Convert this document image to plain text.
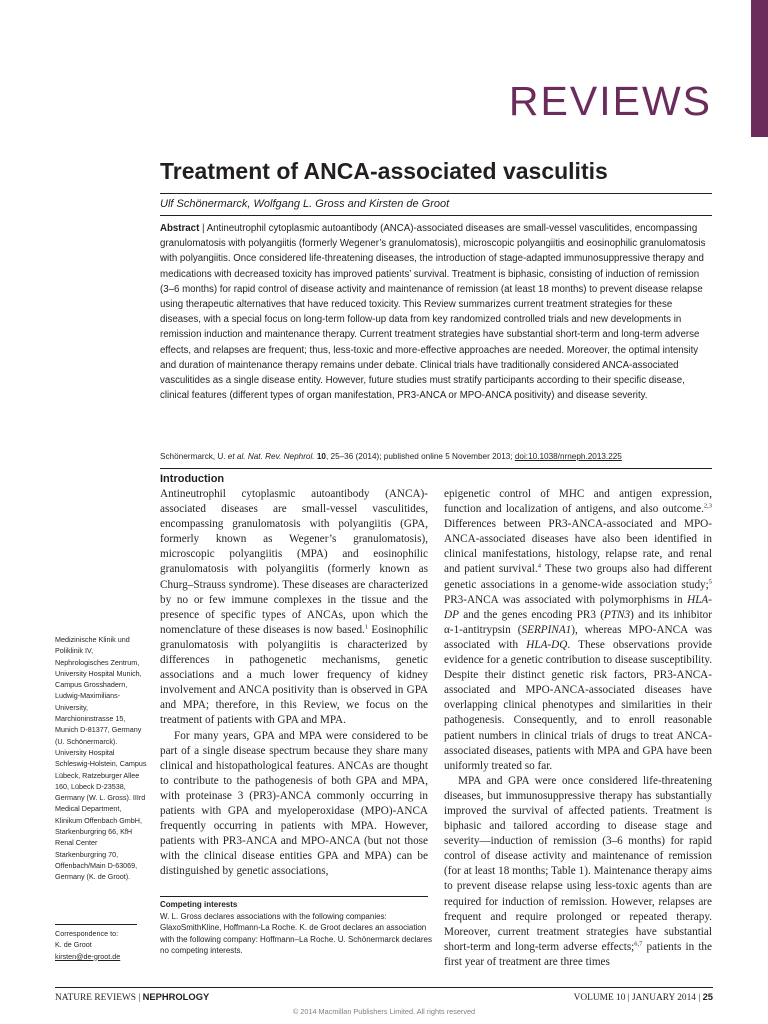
REVIEWS
Treatment of ANCA-associated vasculitis
Ulf Schönermarck, Wolfgang L. Gross and Kirsten de Groot

Abstract | Antineutrophil cytoplasmic autoantibody (ANCA)-associated diseases are small-vessel vasculitides, encompassing granulomatosis with polyangiitis (formerly Wegener’s granulomatosis), microscopic polyangiitis and eosinophilic granulomatosis with polyangiitis. Once considered life-threatening diseases, the introduction of stage-adapted immunosuppressive therapy and medications with decreased toxicity has improved patients’ survival. Treatment is biphasic, consisting of induction of remission (3–6 months) for rapid control of disease activity and maintenance of remission (at least 18 months) to prevent disease relapse using therapeutic alternatives that have reduced toxicity. This Review summarizes current treatment strategies for these diseases, with a special focus on long-term follow-up data from key randomized controlled trials and new developments in remission induction and maintenance therapy. Current treatment strategies have substantial short-term and long-term adverse effects, and relapses are frequent; thus, less-toxic and more-effective approaches are needed. Moreover, the optimal intensity and duration of maintenance therapy remains under debate. Clinical trials have traditionally considered ANCA-associated vasculitides as a single disease entity. However, future studies must stratify participants according to their specific disease, clinical features (different types of organ manifestation, PR3-ANCA or MPO-ANCA positivity) and disease severity.

Schönermarck, U. et al. Nat. Rev. Nephrol. 10, 25–36 (2014); published online 5 November 2013; doi:10.1038/nrneph.2013.225
Introduction

Antineutrophil cytoplasmic autoantibody (ANCA)-associated diseases are small-vessel vasculitides, encompassing granulomatosis with polyangiitis (GPA, formerly known as Wegener’s granulomatosis), microscopic polyangiitis (MPA) and eosinophilic granulomatosis with polyangiitis (formerly known as Churg–Strauss syndrome). These diseases are characterized by no or few immune complexes in the tissue and the presence of specific types of ANCAs, upon which the nomenclature of these diseases is now based.$^1$ Eosinophilic granulomatosis with polyangiitis is characterized by differences in pathogenetic mechanisms, genetic associations and a much lower frequency of kidney involvement and ANCA positivity than is observed in GPA and MPA; therefore, in this Review, we focus on the treatment of patients with GPA and MPA.

For many years, GPA and MPA were considered to be part of a single disease spectrum because they share many clinical and histopathological features. ANCAs are thought to contribute to the pathogenesis of both GPA and MPA, with proteinase 3 (PR3)-ANCA commonly occurring in patients with GPA and myeloperoxidase (MPO)-ANCA frequently occurring in patients with MPA. However, patients with PR3-ANCA and MPO-ANCA (but not those with the clinical disease entities GPA and MPA) can be distinguished by genetic associations,

epigenetic control of MHC and antigen expression, function and localization of antigens, and also outcome.$^{2,3}$ Differences between PR3-ANCA-associated and MPO-ANCA-associated diseases have also been identified in clinical manifestations, histology, relapse rate, and renal and patient survival.$^4$ These two groups also had different genetic associations in a genome-wide association study;$^5$ PR3-ANCA was associated with polymorphisms in HLA-DP and the genes encoding PR3 (PTN3) and its inhibitor α-1-antitrypsin (SERPINA1), whereas MPO-ANCA was associated with HLA-DQ. These observations provide evidence for a genetic contribution to disease susceptibility. Despite their distinct genetic risk factors, PR3-ANCA-associated and MPO-ANCA-associated diseases have overlapping clinical phenotypes and similarities in their pathogenesis. Consequently, and to enroll reasonable patient numbers in clinical trials of drugs to treat ANCA-associated diseases, patients with MPA and GPA have been uniformly treated so far.

MPA and GPA were once considered life-threatening diseases, but immunosuppressive therapy has substantially improved the survival of affected patients. Treatment is biphasic and tailored according to disease stage and severity—induction of remission (3–6 months) for rapid control of disease activity and maintenance of remission (for at least 18 months; Table 1). Maintenance therapy aims to prevent disease relapse using less-toxic agents than are required for induction of remission. However, relapses are frequent and require prolonged or repeated therapy. Moreover, current treatment strategies have substantial short-term and long-term adverse effects;$^{6,7}$ patients in the first year of treatment are three times

Medizinische Klinik und Poliklinik IV, Nephrologisches Zentrum, University Hospital Munich, Campus Grosshadern, Ludwig-Maximilians-University, Marchioninstrasse 15, Munich D-81377, Germany (U. Schönermarck). University Hospital Schleswig-Holstein, Campus Lübeck, Ratzeburger Allee 160, Lübeck D-23538, Germany (W. L. Gross). IIIrd Medical Department, Klinikum Offenbach GmbH, Starkenburgring 66, KfH Renal Center Starkenburgring 70, Offenbach/Main D-63069, Germany (K. de Groot).
Correspondence to:
K. de Groot
kirsten@de-groot.de
Competing interests
W. L. Gross declares associations with the following companies: GlaxoSmithKline, Hoffmann-La Roche. K. de Groot declares an association with the following company: Hoffmann–La Roche. U. Schönermarck declares no competing interests.
NATURE REVIEWS | NEPHROLOGY	VOLUME 10 | JANUARY 2014 | 25
© 2014 Macmillan Publishers Limited. All rights reserved
